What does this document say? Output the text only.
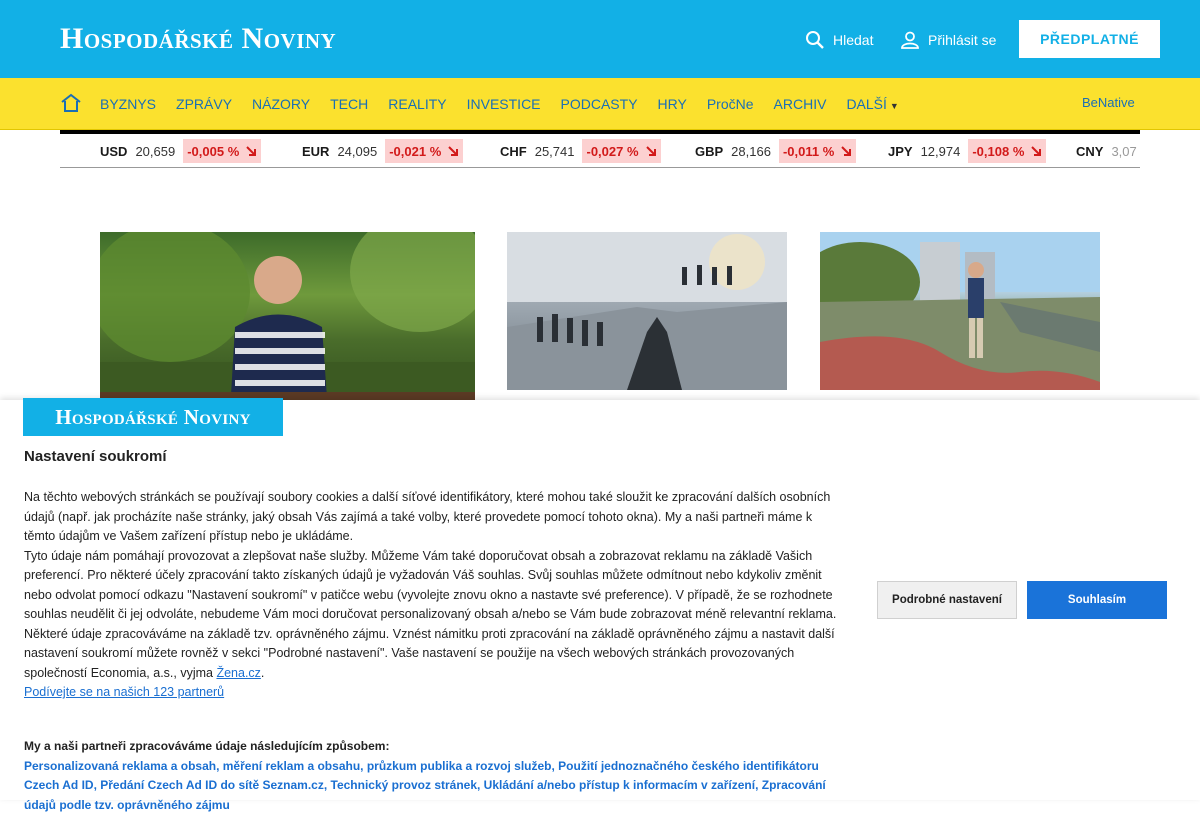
Hospodářské Noviny	Hledat	Přihlásit se	PŘEDPLATNÉ
BYZNYS ZPRÁVY NÁZORY TECH REALITY INVESTICE PODCASTY HRY PročNe ARCHIV DALŠÍ ▼	BeNative
USD 20,659 -0,005 %	EUR 24,095 -0,021 %	CHF 25,741 -0,027 %	GBP 28,166 -0,011 %	JPY 12,974 -0,108 %	CNY 3,07
Hospodářské Noviny
Nastavení soukromí

Na těchto webových stránkách se používají soubory cookies a další síťové identifikátory, které mohou také sloužit ke zpracování dalších osobních údajů (např. jak procházíte naše stránky, jaký obsah Vás zajímá a také volby, které provedete pomocí tohoto okna). My a naši partneři máme k těmto údajům ve Vašem zařízení přístup nebo je ukládáme.

Tyto údaje nám pomáhají provozovat a zlepšovat naše služby. Můžeme Vám také doporučovat obsah a zobrazovat reklamu na základě Vašich preferencí. Pro některé účely zpracování takto získaných údajů je vyžadován Váš souhlas. Svůj souhlas můžete odmítnout nebo kdykoliv změnit nebo odvolat pomocí odkazu "Nastavení soukromí" v patičce webu (vyvolejte znovu okno a nastavte své preference). V případě, že se rozhodnete souhlas neudělit či jej odvoláte, nebudeme Vám moci doručovat personalizovaný obsah a/nebo se Vám bude zobrazovat méně relevantní reklama.

Některé údaje zpracováváme na základě tzv. oprávněného zájmu. Vznést námitku proti zpracování na základě oprávněného zájmu a nastavit další nastavení soukromí můžete rovněž v sekci "Podrobné nastavení". Vaše nastavení se použije na všech webových stránkách provozovaných společností Economia, a.s., vyjma Žena.cz.

Podívejte se na našich 123 partnerů

My a naši partneři zpracováváme údaje následujícím způsobem:
Personalizovaná reklama a obsah, měření reklam a obsahu, průzkum publika a rozvoj služeb, Použití jednoznačného českého identifikátoru Czech Ad ID, Předání Czech Ad ID do sítě Seznam.cz, Technický provoz stránek, Ukládání a/nebo přístup k informacím v zařízení, Zpracování údajů podle tzv. oprávněného zájmu
Podrobné nastavení	Souhlasím
